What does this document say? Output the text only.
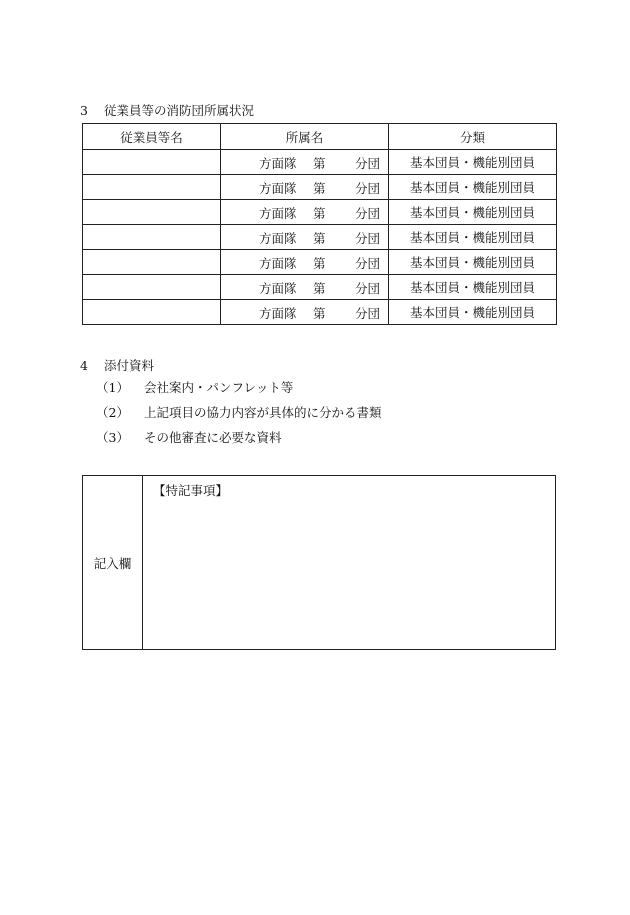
3 従業員等の消防団所属状況
従業員等名	所属名	分類

	方面隊 第 分団	基本団員・機能別団員

	方面隊 第 分団	基本団員・機能別団員

	方面隊 第 分団	基本団員・機能別団員

	方面隊 第 分団	基本団員・機能別団員

	方面隊 第 分団	基本団員・機能別団員

	方面隊 第 分団	基本団員・機能別団員

	方面隊 第 分団	基本団員・機能別団員
4 添付資料
（1） 会社案内・パンフレット等
（2） 上記項目の協力内容が具体的に分かる書類
（3） その他審査に必要な資料
記入欄
【特記事項】
